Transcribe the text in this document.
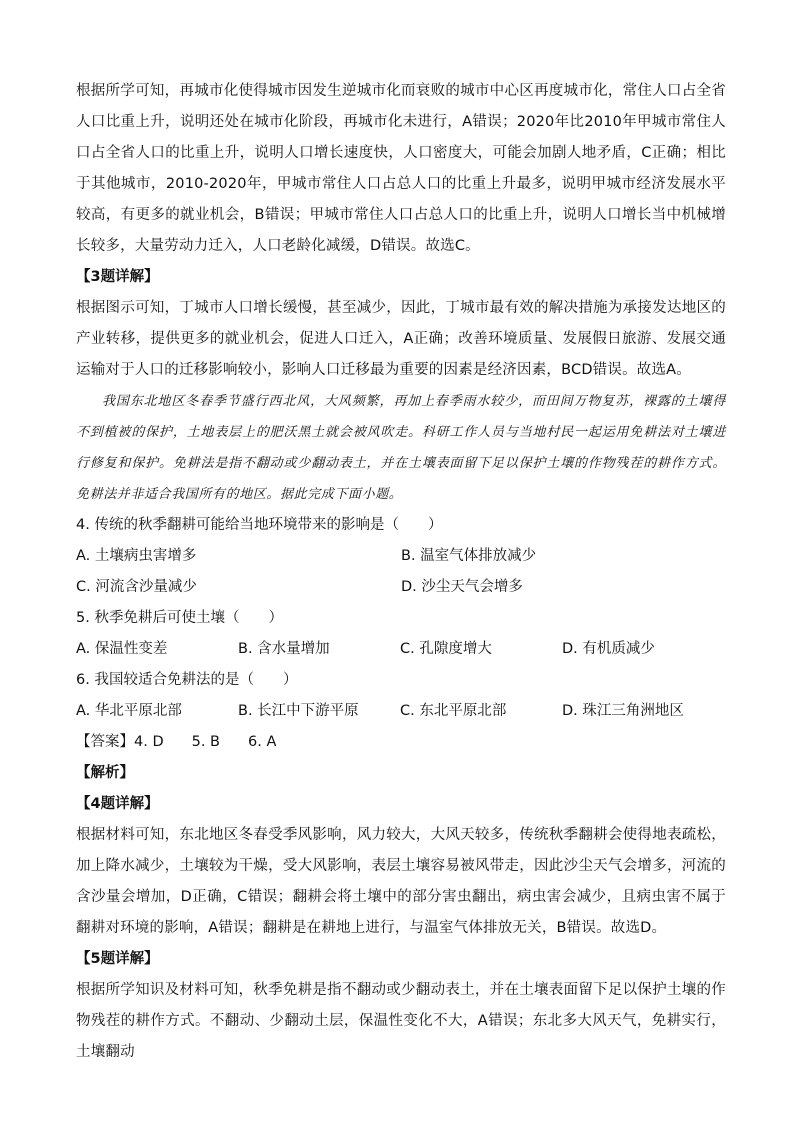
根据所学可知，再城市化使得城市因发生逆城市化而衰败的城市中心区再度城市化，常住人口占全省人口比重上升，说明还处在城市化阶段，再城市化未进行，A错误；2020年比2010年甲城市常住人口占全省人口的比重上升，说明人口增长速度快，人口密度大，可能会加剧人地矛盾，C正确；相比于其他城市，2010-2020年，甲城市常住人口占总人口的比重上升最多，说明甲城市经济发展水平较高，有更多的就业机会，B错误；甲城市常住人口占总人口的比重上升，说明人口增长当中机械增长较多，大量劳动力迁入，人口老龄化减缓，D错误。故选C。

【3题详解】

根据图示可知，丁城市人口增长缓慢，甚至减少，因此，丁城市最有效的解决措施为承接发达地区的产业转移，提供更多的就业机会，促进人口迁入，A正确；改善环境质量、发展假日旅游、发展交通运输对于人口的迁移影响较小，影响人口迁移最为重要的因素是经济因素，BCD错误。故选A。

我国东北地区冬春季节盛行西北风，大风频繁，再加上春季雨水较少，而田间万物复苏，裸露的土壤得不到植被的保护，土地表层上的肥沃黑土就会被风吹走。科研工作人员与当地村民一起运用免耕法对土壤进行修复和保护。免耕法是指不翻动或少翻动表土，并在土壤表面留下足以保护土壤的作物残茬的耕作方式。免耕法并非适合我国所有的地区。据此完成下面小题。

4. 传统的秋季翻耕可能给当地环境带来的影响是（　　）

A. 土壤病虫害增多	B. 温室气体排放减少
C. 河流含沙量减少	D. 沙尘天气会增多

5. 秋季免耕后可使土壤（　　）

A. 保温性变差	B. 含水量增加	C. 孔隙度增大	D. 有机质减少

6. 我国较适合免耕法的是（　　）

A. 华北平原北部	B. 长江中下游平原	C. 东北平原北部	D. 珠江三角洲地区

【答案】4. D 5. B 6. A

【解析】

【4题详解】

根据材料可知，东北地区冬春受季风影响，风力较大，大风天较多，传统秋季翻耕会使得地表疏松，加上降水减少，土壤较为干燥，受大风影响，表层土壤容易被风带走，因此沙尘天气会增多，河流的含沙量会增加，D正确，C错误；翻耕会将土壤中的部分害虫翻出，病虫害会减少，且病虫害不属于翻耕对环境的影响，A错误；翻耕是在耕地上进行，与温室气体排放无关，B错误。故选D。

【5题详解】

根据所学知识及材料可知，秋季免耕是指不翻动或少翻动表土，并在土壤表面留下足以保护土壤的作物残茬的耕作方式。不翻动、少翻动土层，保温性变化不大，A错误；东北多大风天气，免耕实行，土壤翻动
